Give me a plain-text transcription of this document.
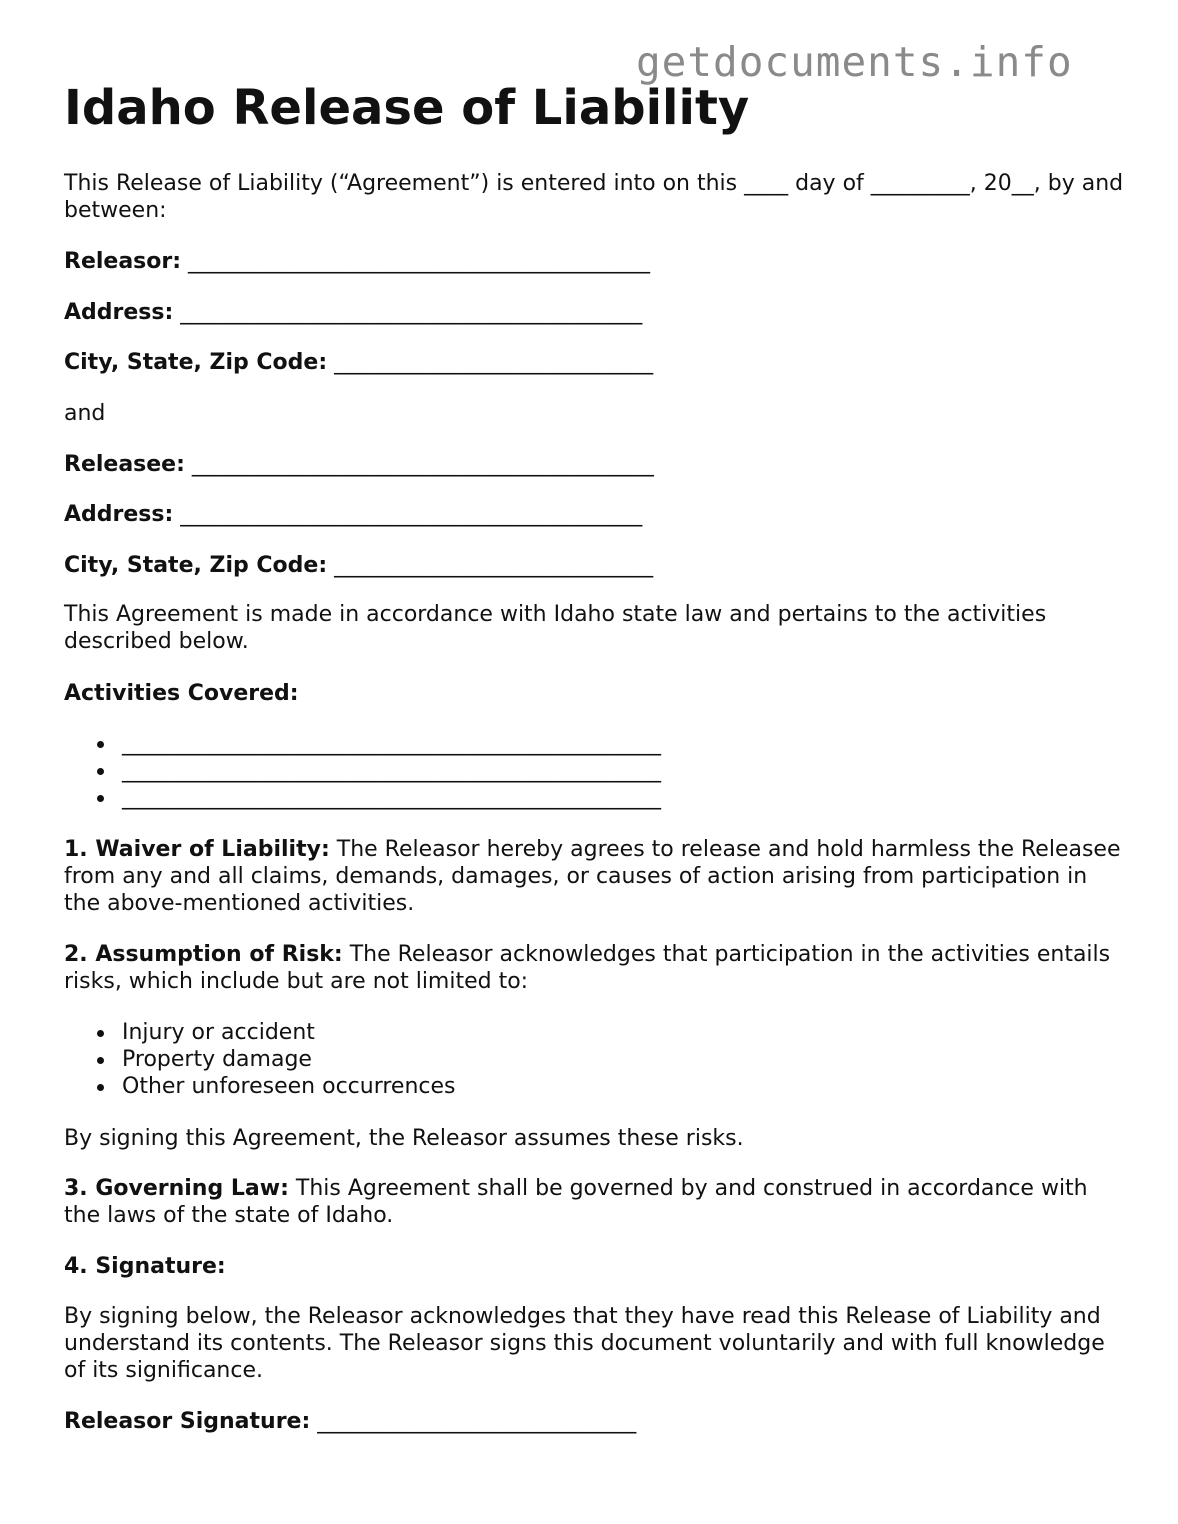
getdocuments.info
Idaho Release of Liability

This Release of Liability (“Agreement”) is entered into on this ____ day of _________, 20__, by and between:

Releasor: __________________________________________

Address: __________________________________________

City, State, Zip Code: _____________________________

and

Releasee: __________________________________________

Address: __________________________________________

City, State, Zip Code: _____________________________

This Agreement is made in accordance with Idaho state law and pertains to the activities described below.

Activities Covered:

_________________________________________________
_________________________________________________
_________________________________________________

1. Waiver of Liability: The Releasor hereby agrees to release and hold harmless the Releasee from any and all claims, demands, damages, or causes of action arising from participation in the above-mentioned activities.

2. Assumption of Risk: The Releasor acknowledges that participation in the activities entails risks, which include but are not limited to:

Injury or accident
Property damage
Other unforeseen occurrences

By signing this Agreement, the Releasor assumes these risks.

3. Governing Law: This Agreement shall be governed by and construed in accordance with the laws of the state of Idaho.

4. Signature:

By signing below, the Releasor acknowledges that they have read this Release of Liability and understand its contents. The Releasor signs this document voluntarily and with full knowledge of its significance.

Releasor Signature: _____________________________
